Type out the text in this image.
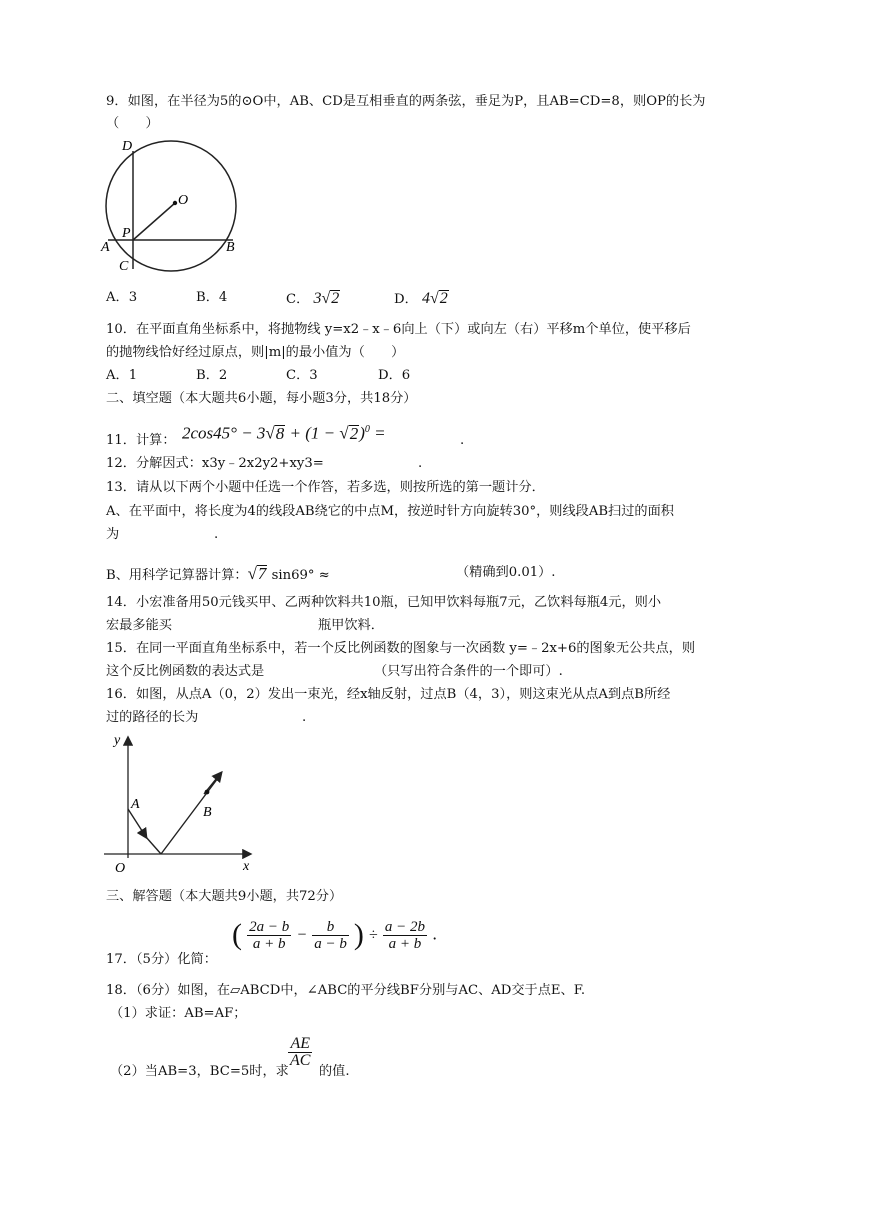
9．如图，在半径为5的⊙O中，AB、CD是互相垂直的两条弦，垂足为P，且AB=CD=8，则OP的长为
（　　）
D
O
P
A	B
C
A．3	B．4	C． 3√2	D． 4√2
10．在平面直角坐标系中，将抛物线 y=x2﹣x﹣6向上（下）或向左（右）平移m个单位，使平移后
的抛物线恰好经过原点，则|m|的最小值为（　　）
A．1	B．2	C．3	D．6
二、填空题（本大题共6小题，每小题3分，共18分）
11．计算： $2\cos 45^\circ - 3√8 + (1 - √2)^0$ =	.
12．分解因式：x3y﹣2x2y2+xy3=	.
13．请从以下两个小题中任选一个作答，若多选，则按所选的第一题计分．
A、在平面中，将长度为4的线段AB绕它的中点M，按逆时针方向旋转30°，则线段AB扫过的面积
为	.
B、用科学记算器计算：√7 sin69° ≈	（精确到0.01）.
14．小宏准备用50元钱买甲、乙两种饮料共10瓶，已知甲饮料每瓶7元，乙饮料每瓶4元，则小
宏最多能买	瓶甲饮料．
15．在同一平面直角坐标系中，若一个反比例函数的图象与一次函数 y=﹣2x+6的图象无公共点，则
这个反比例函数的表达式是	（只写出符合条件的一个即可）.
16．如图，从点A（0，2）发出一束光，经x轴反射，过点B（4，3），则这束光从点A到点B所经
过的路径的长为	.
y
x
O
A
B
三、解答题（本大题共9小题，共72分）
17．（5分）化简：
( $\frac{2a - b}{a + b} - \frac{b}{a - b}$ ) ÷ $\frac{a - 2b}{a + b}$ .
18．（6分）如图，在▱ABCD中，∠ABC的平分线BF分别与AC、AD交于点E、F.
（1）求证：AB=AF；
（2）当AB=3，BC=5时，求
$\frac{AE}{AC}$
的值.
